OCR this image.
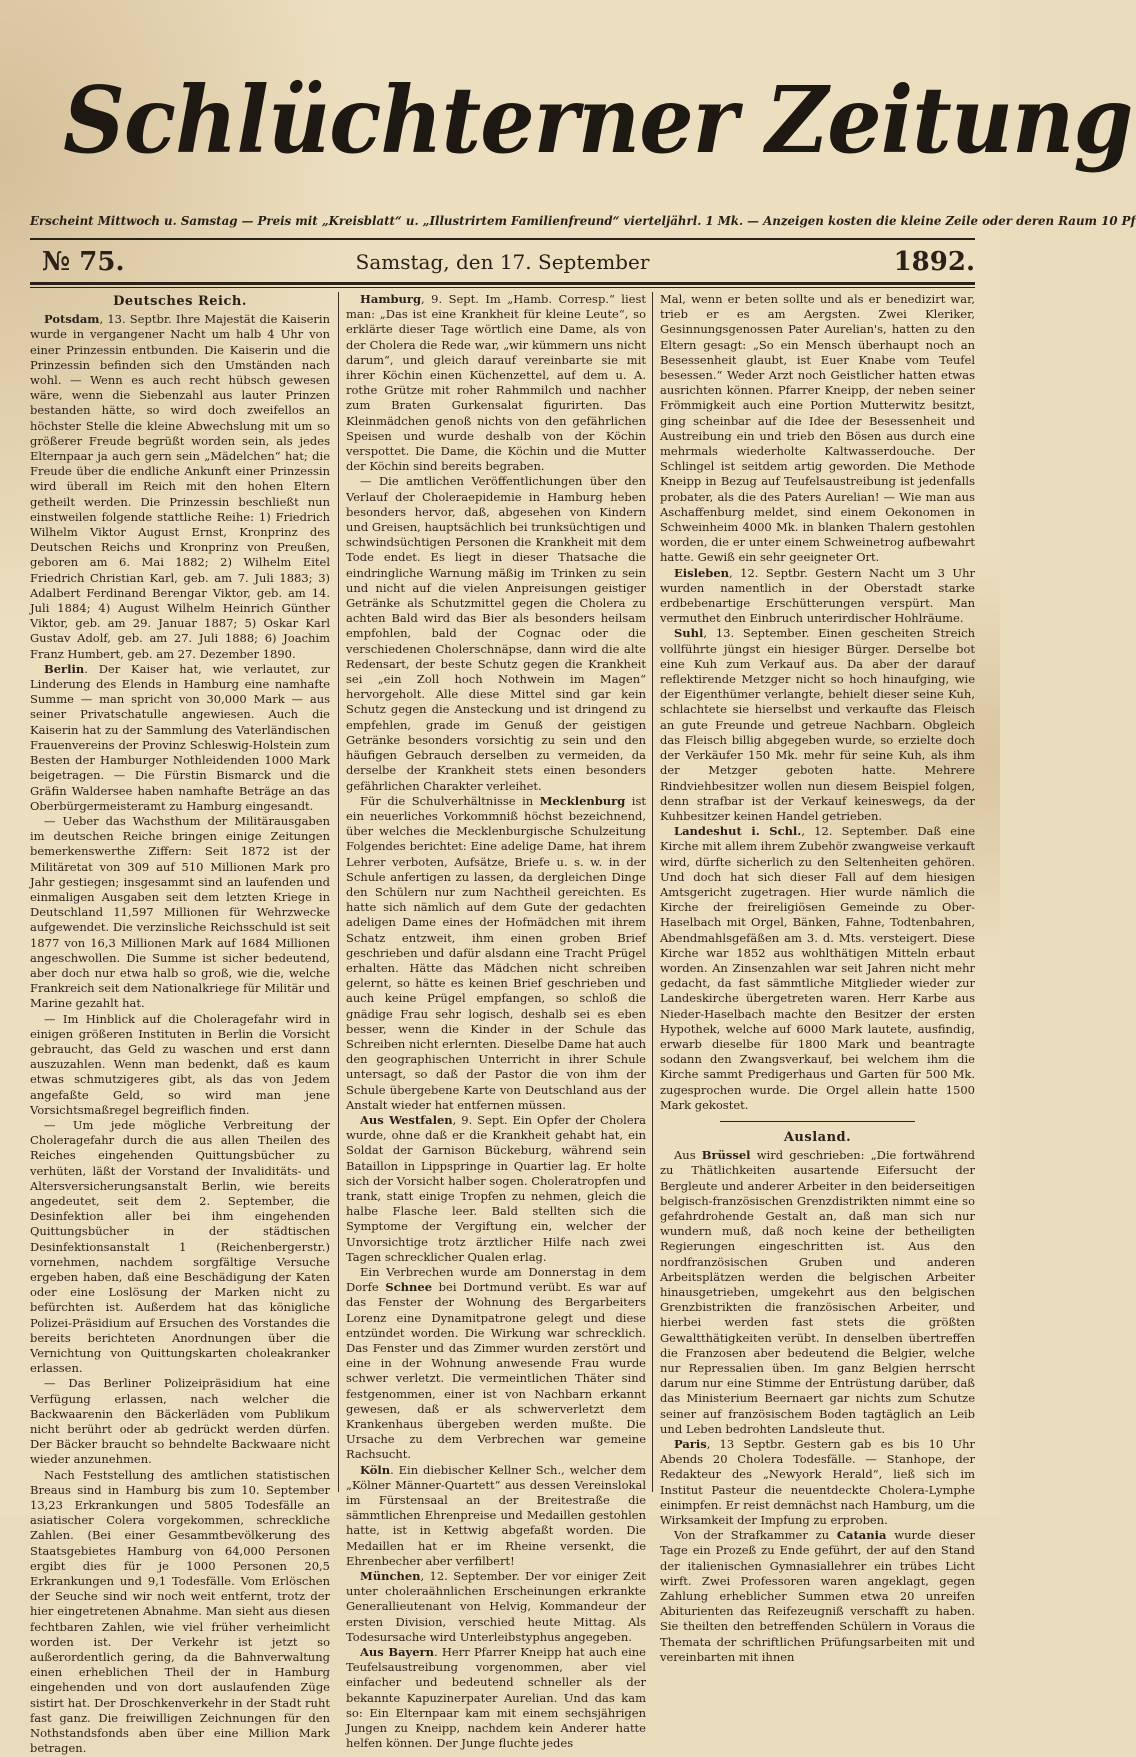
Schlüchterner Zeitung
Erscheint Mittwoch u. Samstag — Preis mit „Kreisblatt“ u. „Illustrirtem Familienfreund“ vierteljährl. 1 Mk. — Anzeigen kosten die kleine Zeile oder deren Raum 10 Pf
Samstag, den 17. September
№ 75.	1892.
Deutsches Reich.

Potsdam, 13. Septbr. Ihre Majestät die Kaiserin wurde in vergangener Nacht um halb 4 Uhr von einer Prinzessin entbunden. Die Kaiserin und die Prinzessin befinden sich den Umständen nach wohl. — Wenn es auch recht hübsch gewesen wäre, wenn die Siebenzahl aus lauter Prinzen bestanden hätte, so wird doch zweifellos an höchster Stelle die kleine Abwechslung mit um so größerer Freude begrüßt worden sein, als jedes Elternpaar ja auch gern sein „Mädelchen“ hat; die Freude über die endliche Ankunft einer Prinzessin wird überall im Reich mit den hohen Eltern getheilt werden. Die Prinzessin beschließt nun einstweilen folgende stattliche Reihe: 1) Friedrich Wilhelm Viktor August Ernst, Kronprinz des Deutschen Reichs und Kronprinz von Preußen, geboren am 6. Mai 1882; 2) Wilhelm Eitel Friedrich Christian Karl, geb. am 7. Juli 1883; 3) Adalbert Ferdinand Berengar Viktor, geb. am 14. Juli 1884; 4) August Wilhelm Heinrich Günther Viktor, geb. am 29. Januar 1887; 5) Oskar Karl Gustav Adolf, geb. am 27. Juli 1888; 6) Joachim Franz Humbert, geb. am 27. Dezember 1890.

Berlin. Der Kaiser hat, wie verlautet, zur Linderung des Elends in Hamburg eine namhafte Summe — man spricht von 30,000 Mark — aus seiner Privatschatulle angewiesen. Auch die Kaiserin hat zu der Sammlung des Vaterländischen Frauenvereins der Provinz Schleswig-Holstein zum Besten der Hamburger Nothleidenden 1000 Mark beigetragen. — Die Fürstin Bismarck und die Gräfin Waldersee haben namhafte Beträge an das Oberbürgermeisteramt zu Hamburg eingesandt.

— Ueber das Wachsthum der Militärausgaben im deutschen Reiche bringen einige Zeitungen bemerkenswerthe Ziffern: Seit 1872 ist der Militäretat von 309 auf 510 Millionen Mark pro Jahr gestiegen; insgesammt sind an laufenden und einmaligen Ausgaben seit dem letzten Kriege in Deutschland 11,597 Millionen für Wehrzwecke aufgewendet. Die verzinsliche Reichsschuld ist seit 1877 von 16,3 Millionen Mark auf 1684 Millionen angeschwollen. Die Summe ist sicher bedeutend, aber doch nur etwa halb so groß, wie die, welche Frankreich seit dem Nationalkriege für Militär und Marine gezahlt hat.

— Im Hinblick auf die Choleragefahr wird in einigen größeren Instituten in Berlin die Vorsicht gebraucht, das Geld zu waschen und erst dann auszuzahlen. Wenn man bedenkt, daß es kaum etwas schmutzigeres gibt, als das von Jedem angefaßte Geld, so wird man jene Vorsichtsmaßregel begreiflich finden.

— Um jede mögliche Verbreitung der Choleragefahr durch die aus allen Theilen des Reiches eingehenden Quittungsbücher zu verhüten, läßt der Vorstand der Invaliditäts- und Altersversicherungsanstalt Berlin, wie bereits angedeutet, seit dem 2. September, die Desinfektion aller bei ihm eingehenden Quittungsbücher in der städtischen Desinfektionsanstalt 1 (Reichenbergerstr.) vornehmen, nachdem sorgfältige Versuche ergeben haben, daß eine Beschädigung der Katen oder eine Loslösung der Marken nicht zu befürchten ist. Außerdem hat das königliche Polizei-Präsidium auf Ersuchen des Vorstandes die bereits berichteten Anordnungen über die Vernichtung von Quittungskarten choleakranker erlassen.

— Das Berliner Polizeipräsidium hat eine Verfügung erlassen, nach welcher die Backwaarenin den Bäckerläden vom Publikum nicht berührt oder ab gedrückt werden dürfen. Der Bäcker braucht so behndelte Backwaare nicht wieder anzunehmen.

Nach Feststellung des amtlichen statistischen Breaus sind in Hamburg bis zum 10. September 13,23 Erkrankungen und 5805 Todesfälle an asiatischer Colera vorgekommen, schreckliche Zahlen. (Bei einer Gesammtbevölkerung des Staatsgebietes Hamburg von 64,000 Personen ergibt dies für je 1000 Personen 20,5 Erkrankungen und 9,1 Todesfälle. Vom Erlöschen der Seuche sind wir noch weit entfernt, trotz der hier eingetretenen Abnahme. Man sieht aus diesen fechtbaren Zahlen, wie viel früher verheimlicht worden ist. Der Verkehr ist jetzt so außerordentlich gering, da die Bahnverwaltung einen erheblichen Theil der in Hamburg eingehenden und von dort auslaufenden Züge sistirt hat. Der Droschkenverkehr in der Stadt ruht fast ganz. Die freiwilligen Zeichnungen für den Nothstandsfonds aben über eine Million Mark betragen.

Hamburg, 9. Sept. Im „Hamb. Corresp.“ liest man: „Das ist eine Krankheit für kleine Leute“, so erklärte dieser Tage wörtlich eine Dame, als von der Cholera die Rede war, „wir kümmern uns nicht darum“, und gleich darauf vereinbarte sie mit ihrer Köchin einen Küchenzettel, auf dem u. A. rothe Grütze mit roher Rahmmilch und nachher zum Braten Gurkensalat figurirten. Das Kleinmädchen genoß nichts von den gefährlichen Speisen und wurde deshalb von der Köchin verspottet. Die Dame, die Köchin und die Mutter der Köchin sind bereits begraben.

— Die amtlichen Veröffentlichungen über den Verlauf der Choleraepidemie in Hamburg heben besonders hervor, daß, abgesehen von Kindern und Greisen, hauptsächlich bei trunksüchtigen und schwindsüchtigen Personen die Krankheit mit dem Tode endet. Es liegt in dieser Thatsache die eindringliche Warnung mäßig im Trinken zu sein und nicht auf die vielen Anpreisungen geistiger Getränke als Schutzmittel gegen die Cholera zu achten Bald wird das Bier als besonders heilsam empfohlen, bald der Cognac oder die verschiedenen Cholerschnäpse, dann wird die alte Redensart, der beste Schutz gegen die Krankheit sei „ein Zoll hoch Nothwein im Magen“ hervorgeholt. Alle diese Mittel sind gar kein Schutz gegen die Ansteckung und ist dringend zu empfehlen, grade im Genuß der geistigen Getränke besonders vorsichtig zu sein und den häufigen Gebrauch derselben zu vermeiden, da derselbe der Krankheit stets einen besonders gefährlichen Charakter verleihet.

Für die Schulverhältnisse in Mecklenburg ist ein neuerliches Vorkommniß höchst bezeichnend, über welches die Mecklenburgische Schulzeitung Folgendes berichtet: Eine adelige Dame, hat ihrem Lehrer verboten, Aufsätze, Briefe u. s. w. in der Schule anfertigen zu lassen, da dergleichen Dinge den Schülern nur zum Nachtheil gereichten. Es hatte sich nämlich auf dem Gute der gedachten adeligen Dame eines der Hofmädchen mit ihrem Schatz entzweit, ihm einen groben Brief geschrieben und dafür alsdann eine Tracht Prügel erhalten. Hätte das Mädchen nicht schreiben gelernt, so hätte es keinen Brief geschrieben und auch keine Prügel empfangen, so schloß die gnädige Frau sehr logisch, deshalb sei es eben besser, wenn die Kinder in der Schule das Schreiben nicht erlernten. Dieselbe Dame hat auch den geographischen Unterricht in ihrer Schule untersagt, so daß der Pastor die von ihm der Schule übergebene Karte von Deutschland aus der Anstalt wieder hat entfernen müssen.

Aus Westfalen, 9. Sept. Ein Opfer der Cholera wurde, ohne daß er die Krankheit gehabt hat, ein Soldat der Garnison Bückeburg, während sein Bataillon in Lippspringe in Quartier lag. Er holte sich der Vorsicht halber sogen. Choleratropfen und trank, statt einige Tropfen zu nehmen, gleich die halbe Flasche leer. Bald stellten sich die Symptome der Vergiftung ein, welcher der Unvorsichtige trotz ärztlicher Hilfe nach zwei Tagen schrecklicher Qualen erlag.

Ein Verbrechen wurde am Donnerstag in dem Dorfe Schnee bei Dortmund verübt. Es war auf das Fenster der Wohnung des Bergarbeiters Lorenz eine Dynamitpatrone gelegt und diese entzündet worden. Die Wirkung war schrecklich. Das Fenster und das Zimmer wurden zerstört und eine in der Wohnung anwesende Frau wurde schwer verletzt. Die vermeintlichen Thäter sind festgenommen, einer ist von Nachbarn erkannt gewesen, daß er als schwerverletzt dem Krankenhaus übergeben werden mußte. Die Ursache zu dem Verbrechen war gemeine Rachsucht.

Köln. Ein diebischer Kellner Sch., welcher dem „Kölner Männer-Quartett“ aus dessen Vereinslokal im Fürstensaal an der Breitestraße die sämmtlichen Ehrenpreise und Medaillen gestohlen hatte, ist in Kettwig abgefaßt worden. Die Medaillen hat er im Rheine versenkt, die Ehrenbecher aber verfilbert!

München, 12. September. Der vor einiger Zeit unter choleraähnlichen Erscheinungen erkrankte Generallieutenant von Helvig, Kommandeur der ersten Division, verschied heute Mittag. Als Todesursache wird Unterleibstyphus angegeben.

Aus Bayern. Herr Pfarrer Kneipp hat auch eine Teufelsaustreibung vorgenommen, aber viel einfacher und bedeutend schneller als der bekannte Kapuzinerpater Aurelian. Und das kam so: Ein Elternpaar kam mit einem sechsjährigen Jungen zu Kneipp, nachdem kein Anderer hatte helfen können. Der Junge fluchte jedes

Mal, wenn er beten sollte und als er benedizirt war, trieb er es am Aergsten. Zwei Kleriker, Gesinnungsgenossen Pater Aurelian's, hatten zu den Eltern gesagt: „So ein Mensch überhaupt noch an Besessenheit glaubt, ist Euer Knabe vom Teufel besessen.“ Weder Arzt noch Geistlicher hatten etwas ausrichten können. Pfarrer Kneipp, der neben seiner Frömmigkeit auch eine Portion Mutterwitz besitzt, ging scheinbar auf die Idee der Besessenheit und Austreibung ein und trieb den Bösen aus durch eine mehrmals wiederholte Kaltwasserdouche. Der Schlingel ist seitdem artig geworden. Die Methode Kneipp in Bezug auf Teufelsaustreibung ist jedenfalls probater, als die des Paters Aurelian! — Wie man aus Aschaffenburg meldet, sind einem Oekonomen in Schweinheim 4000 Mk. in blanken Thalern gestohlen worden, die er unter einem Schweinetrog aufbewahrt hatte. Gewiß ein sehr geeigneter Ort.

Eisleben, 12. Septbr. Gestern Nacht um 3 Uhr wurden namentlich in der Oberstadt starke erdbebenartige Erschütterungen verspürt. Man vermuthet den Einbruch unterirdischer Hohlräume.

Suhl, 13. September. Einen gescheiten Streich vollführte jüngst ein hiesiger Bürger. Derselbe bot eine Kuh zum Verkauf aus. Da aber der darauf reflektirende Metzger nicht so hoch hinaufging, wie der Eigenthümer verlangte, behielt dieser seine Kuh, schlachtete sie hierselbst und verkaufte das Fleisch an gute Freunde und getreue Nachbarn. Obgleich das Fleisch billig abgegeben wurde, so erzielte doch der Verkäufer 150 Mk. mehr für seine Kuh, als ihm der Metzger geboten hatte. Mehrere Rindviehbesitzer wollen nun diesem Beispiel folgen, denn strafbar ist der Verkauf keineswegs, da der Kuhbesitzer keinen Handel getrieben.

Landeshut i. Schl., 12. September. Daß eine Kirche mit allem ihrem Zubehör zwangweise verkauft wird, dürfte sicherlich zu den Seltenheiten gehören. Und doch hat sich dieser Fall auf dem hiesigen Amtsgericht zugetragen. Hier wurde nämlich die Kirche der freireligiösen Gemeinde zu Ober-Haselbach mit Orgel, Bänken, Fahne, Todtenbahren, Abendmahlsgefäßen am 3. d. Mts. versteigert. Diese Kirche war 1852 aus wohlthätigen Mitteln erbaut worden. An Zinsenzahlen war seit Jahren nicht mehr gedacht, da fast sämmtliche Mitglieder wieder zur Landeskirche übergetreten waren. Herr Karbe aus Nieder-Haselbach machte den Besitzer der ersten Hypothek, welche auf 6000 Mark lautete, ausfindig, erwarb dieselbe für 1800 Mark und beantragte sodann den Zwangsverkauf, bei welchem ihm die Kirche sammt Predigerhaus und Garten für 500 Mk. zugesprochen wurde. Die Orgel allein hatte 1500 Mark gekostet.

Ausland.

Aus Brüssel wird geschrieben: „Die fortwährend zu Thätlichkeiten ausartende Eifersucht der Bergleute und anderer Arbeiter in den beiderseitigen belgisch-französischen Grenzdistrikten nimmt eine so gefahrdrohende Gestalt an, daß man sich nur wundern muß, daß noch keine der betheiligten Regierungen eingeschritten ist. Aus den nordfranzösischen Gruben und anderen Arbeitsplätzen werden die belgischen Arbeiter hinausgetrieben, umgekehrt aus den belgischen Grenzbistrikten die französischen Arbeiter, und hierbei werden fast stets die größten Gewaltthätigkeiten verübt. In denselben übertreffen die Franzosen aber bedeutend die Belgier, welche nur Repressalien üben. Im ganz Belgien herrscht darum nur eine Stimme der Entrüstung darüber, daß das Ministerium Beernaert gar nichts zum Schutze seiner auf französischem Boden tagtäglich an Leib und Leben bedrohten Landsleute thut.

Paris, 13 Septbr. Gestern gab es bis 10 Uhr Abends 20 Cholera Todesfälle. — Stanhope, der Redakteur des „Newyork Herald“, ließ sich im Institut Pasteur die neuentdeckte Cholera-Lymphe einimpfen. Er reist demnächst nach Hamburg, um die Wirksamkeit der Impfung zu erproben.

Von der Strafkammer zu Catania wurde dieser Tage ein Prozeß zu Ende geführt, der auf den Stand der italienischen Gymnasiallehrer ein trübes Licht wirft. Zwei Professoren waren angeklagt, gegen Zahlung erheblicher Summen etwa 20 unreifen Abiturienten das Reifezeugniß verschafft zu haben. Sie theilten den betreffenden Schülern in Voraus die Themata der schriftlichen Prüfungsarbeiten mit und vereinbarten mit ihnen
